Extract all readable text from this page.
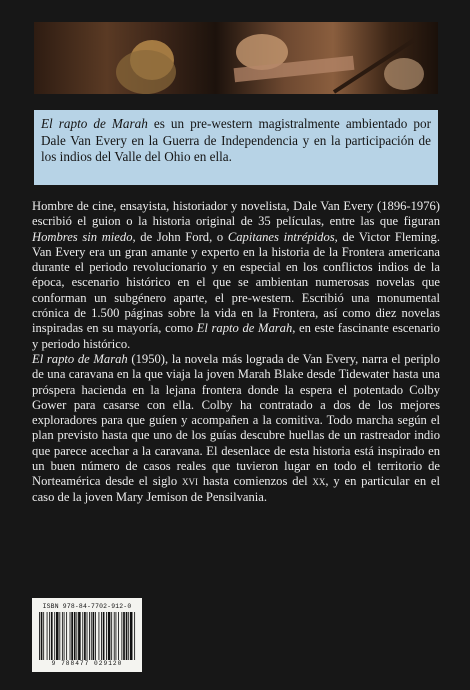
El rapto de Marah es un pre-western magistralmente ambientado por Dale Van Every en la Guerra de Independencia y en la participación de los indios del Valle del Ohio en ella.

Hombre de cine, ensayista, historiador y novelista, Dale Van Every (1896-1976) escribió el guion o la historia original de 35 películas, entre las que figuran Hombres sin miedo, de John Ford, o Capitanes intrépidos, de Victor Fleming. Van Every era un gran amante y experto en la historia de la Frontera americana durante el periodo revolucionario y en especial en los conflictos indios de la época, escenario histórico en el que se ambientan numerosas novelas que conforman un subgénero aparte, el pre-western. Escribió una monumental crónica de 1.500 páginas sobre la vida en la Frontera, así como diez novelas inspiradas en su mayoría, como El rapto de Marah, en este fascinante escenario y periodo histórico.

El rapto de Marah (1950), la novela más lograda de Van Every, narra el periplo de una caravana en la que viaja la joven Marah Blake desde Tidewater hasta una próspera hacienda en la lejana frontera donde la espera el potentado Colby Gower para casarse con ella. Colby ha contratado a dos de los mejores exploradores para que guíen y acompañen a la comitiva. Todo marcha según el plan previsto hasta que uno de los guías descubre huellas de un rastreador indio que parece acechar a la caravana. El desenlace de esta historia está inspirado en un buen número de casos reales que tuvieron lugar en todo el territorio de Norteamérica desde el siglo xvi hasta comienzos del xx, y en particular en el caso de la joven Mary Jemison de Pensilvania.

ISBN 978-84-7702-912-0
9 788477 029120
